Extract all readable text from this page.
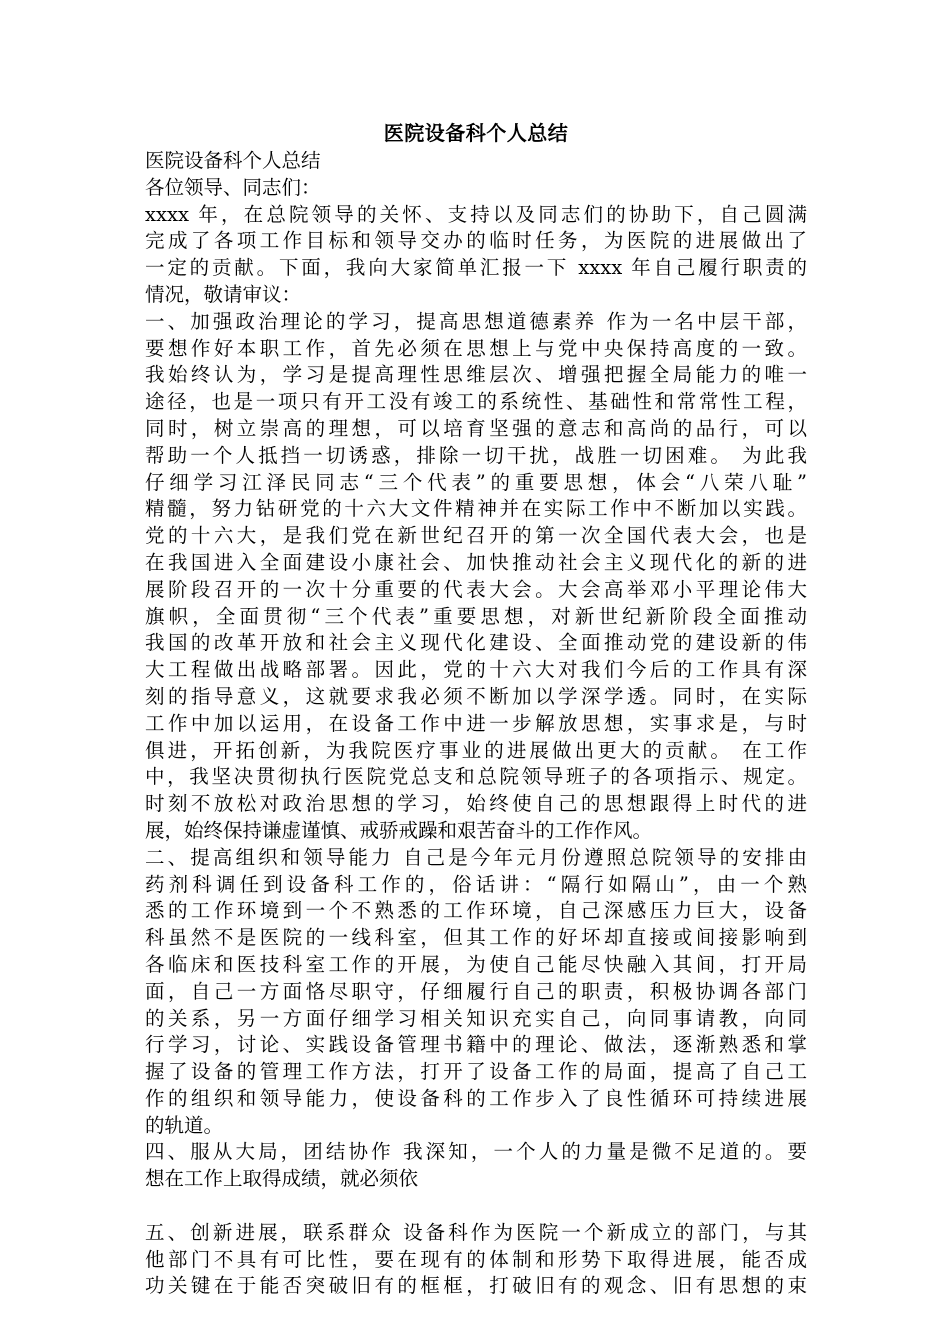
医院设备科个人总结

医院设备科个人总结

各位领导、同志们：

xxxx 年，在总院领导的关怀、支持以及同志们的协助下，自己圆满

完成了各项工作目标和领导交办的临时任务，为医院的进展做出了

一定的贡献。下面，我向大家简单汇报一下 xxxx 年自己履行职责的

情况，敬请审议：

一、加强政治理论的学习，提高思想道德素养 作为一名中层干部，

要想作好本职工作，首先必须在思想上与党中央保持高度的一致。

我始终认为，学习是提高理性思维层次、增强把握全局能力的唯一

途径，也是一项只有开工没有竣工的系统性、基础性和常常性工程，

同时，树立崇高的理想，可以培育坚强的意志和高尚的品行，可以

帮助一个人抵挡一切诱惑，排除一切干扰，战胜一切困难。 为此我

仔细学习江泽民同志“三个代表”的重要思想，体会“八荣八耻”

精髓，努力钻研党的十六大文件精神并在实际工作中不断加以实践。

党的十六大，是我们党在新世纪召开的第一次全国代表大会，也是

在我国进入全面建设小康社会、加快推动社会主义现代化的新的进

展阶段召开的一次十分重要的代表大会。大会高举邓小平理论伟大

旗帜，全面贯彻“三个代表”重要思想，对新世纪新阶段全面推动

我国的改革开放和社会主义现代化建设、全面推动党的建设新的伟

大工程做出战略部署。因此，党的十六大对我们今后的工作具有深

刻的指导意义，这就要求我必须不断加以学深学透。同时，在实际

工作中加以运用，在设备工作中进一步解放思想，实事求是，与时

俱进，开拓创新，为我院医疗事业的进展做出更大的贡献。 在工作

中，我坚决贯彻执行医院党总支和总院领导班子的各项指示、规定。

时刻不放松对政治思想的学习，始终使自己的思想跟得上时代的进

展，始终保持谦虚谨慎、戒骄戒躁和艰苦奋斗的工作作风。

二、提高组织和领导能力 自己是今年元月份遵照总院领导的安排由

药剂科调任到设备科工作的，俗话讲：“隔行如隔山”，由一个熟

悉的工作环境到一个不熟悉的工作环境，自己深感压力巨大，设备

科虽然不是医院的一线科室，但其工作的好坏却直接或间接影响到

各临床和医技科室工作的开展，为使自己能尽快融入其间，打开局

面，自己一方面恪尽职守，仔细履行自己的职责，积极协调各部门

的关系，另一方面仔细学习相关知识充实自己，向同事请教，向同

行学习，讨论、实践设备管理书籍中的理论、做法，逐渐熟悉和掌

握了设备的管理工作方法，打开了设备工作的局面，提高了自己工

作的组织和领导能力，使设备科的工作步入了良性循环可持续进展

的轨道。

四、服从大局，团结协作 我深知，一个人的力量是微不足道的。要

想在工作上取得成绩，就必须依

五、创新进展，联系群众 设备科作为医院一个新成立的部门，与其

他部门不具有可比性，要在现有的体制和形势下取得进展，能否成

功关键在于能否突破旧有的框框，打破旧有的观念、旧有思想的束
